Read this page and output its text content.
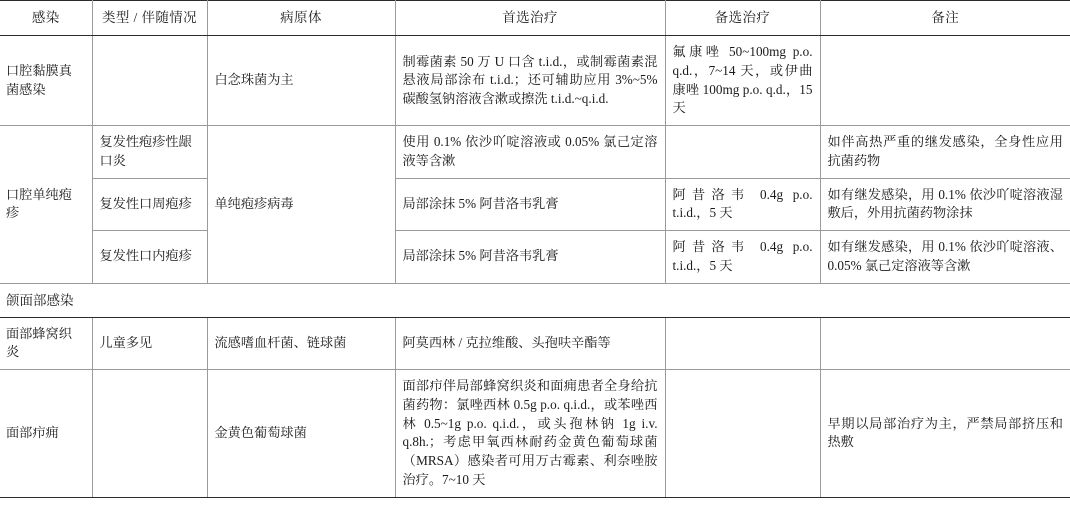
感染	类型 / 伴随情况	病原体	首选治疗	备选治疗	备注
口腔黏膜真菌感染		白念珠菌为主	制霉菌素 50 万 U 口含 t.i.d.，或制霉菌素混悬液局部涂布 t.i.d.；还可辅助应用 3%~5% 碳酸氢钠溶液含漱或擦洗 t.i.d.~q.i.d.	氟康唑 50~100mg p.o. q.d.，7~14 天，或伊曲康唑 100mg p.o. q.d.，15 天	
口腔单纯疱疹	复发性疱疹性龈口炎	单纯疱疹病毒	使用 0.1% 依沙吖啶溶液或 0.05% 氯己定溶液等含漱		如伴高热严重的继发感染，全身性应用抗菌药物
	复发性口周疱疹		局部涂抹 5% 阿昔洛韦乳膏	阿昔洛韦 0.4g p.o. t.i.d.，5 天	如有继发感染，用 0.1% 依沙吖啶溶液湿敷后，外用抗菌药物涂抹
	复发性口内疱疹		局部涂抹 5% 阿昔洛韦乳膏	阿昔洛韦 0.4g p.o. t.i.d.，5 天	如有继发感染，用 0.1% 依沙吖啶溶液、0.05% 氯己定溶液等含漱
颌面部感染					
面部蜂窝织炎	儿童多见	流感嗜血杆菌、链球菌	阿莫西林 / 克拉维酸、头孢呋辛酯等		
面部疖痈		金黄色葡萄球菌	面部疖伴局部蜂窝织炎和面痈患者全身给抗菌药物：氯唑西林 0.5g p.o. q.i.d.，或苯唑西林 0.5~1g p.o. q.i.d.，或头孢林钠 1g i.v. q.8h.；考虑甲氧西林耐药金黄色葡萄球菌（MRSA）感染者可用万古霉素、利奈唑胺治疗。7~10 天		早期以局部治疗为主，严禁局部挤压和热敷
